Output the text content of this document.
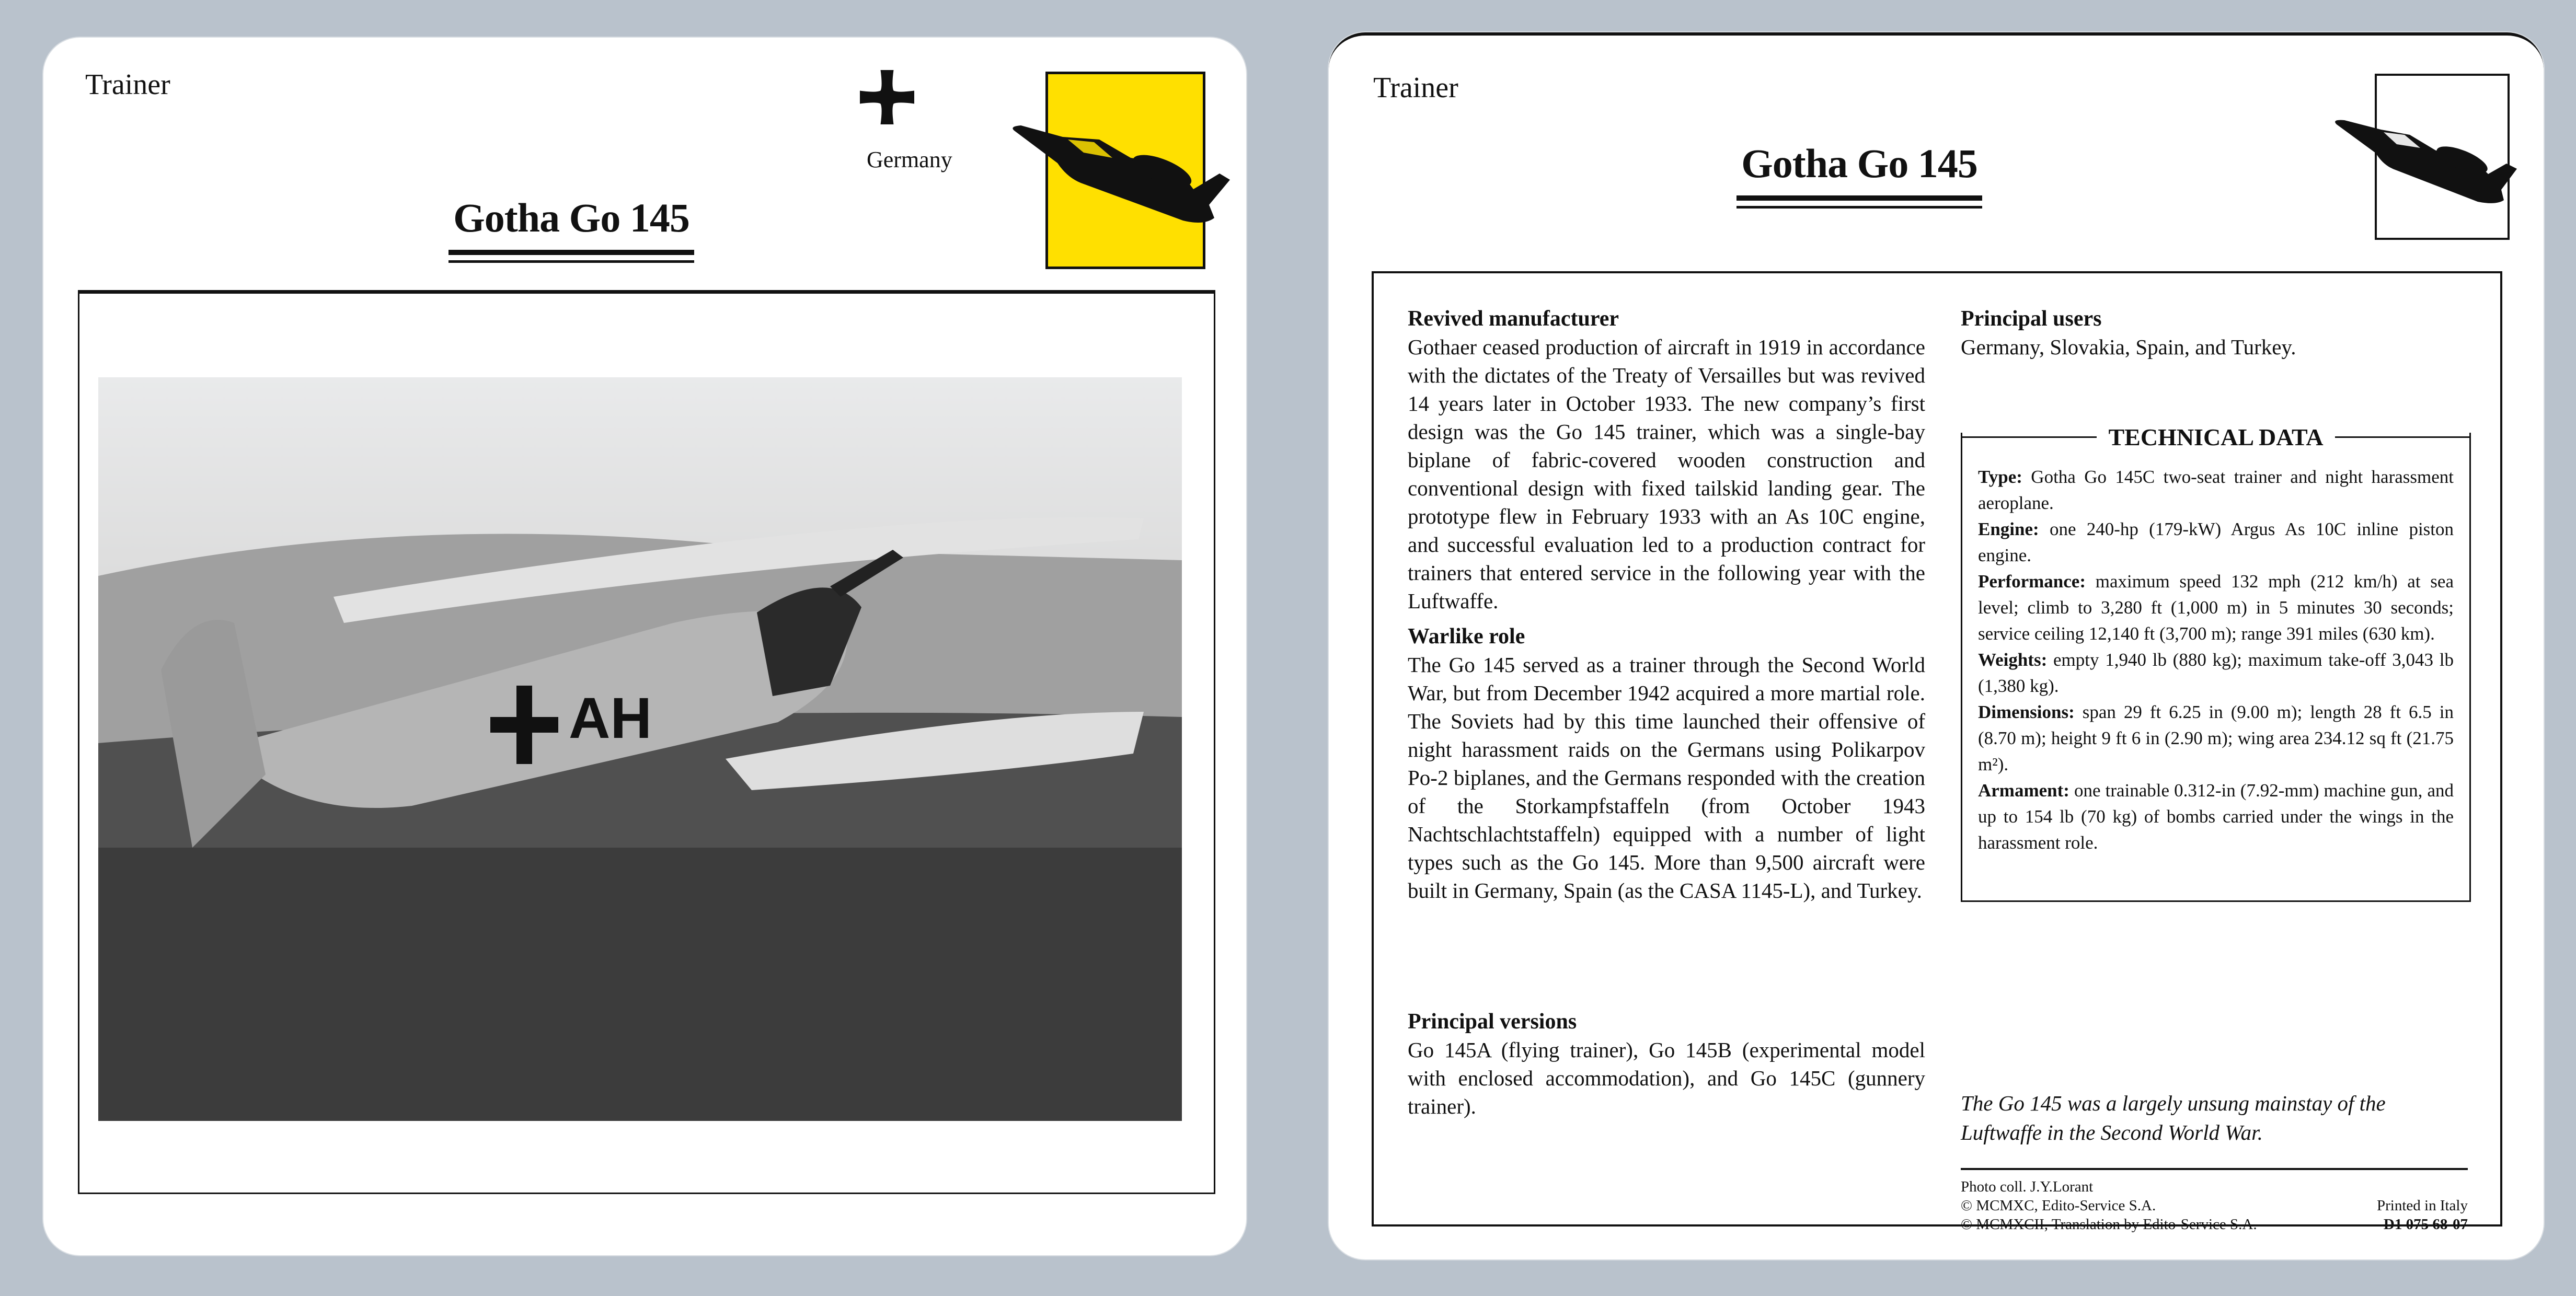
Trainer
Germany
Gotha Go 145
AH
Trainer
Gotha Go 145
Revived manufacturer
Gothaer ceased production of aircraft in 1919 in accordance with the dictates of the Treaty of Versailles but was revived 14 years later in October 1933. The new company’s first design was the Go 145 trainer, which was a single-bay biplane of fabric-covered wooden construction and conventional design with fixed tailskid landing gear. The prototype flew in February 1933 with an As 10C engine, and successful evaluation led to a production contract for trainers that entered service in the following year with the Luftwaffe.
Warlike role
The Go 145 served as a trainer through the Second World War, but from December 1942 acquired a more martial role. The Soviets had by this time launched their offensive of night harassment raids on the Germans using Polikarpov Po-2 biplanes, and the Germans responded with the creation of the Storkampfstaffeln (from October 1943 Nachtschlachtstaffeln) equipped with a number of light types such as the Go 145. More than 9,500 aircraft were built in Germany, Spain (as the CASA 1145-L), and Turkey.
Principal versions
Go 145A (flying trainer), Go 145B (experimental model with enclosed accommodation), and Go 145C (gunnery trainer).
Principal users
Germany, Slovakia, Spain, and Turkey.
TECHNICAL DATA
Type: Gotha Go 145C two-seat trainer and night harassment aeroplane.
Engine: one 240-hp (179-kW) Argus As 10C inline piston engine.
Performance: maximum speed 132 mph (212 km/h) at sea level; climb to 3,280 ft (1,000 m) in 5 minutes 30 seconds; service ceiling 12,140 ft (3,700 m); range 391 miles (630 km).
Weights: empty 1,940 lb (880 kg); maximum take-off 3,043 lb (1,380 kg).
Dimensions: span 29 ft 6.25 in (9.00 m); length 28 ft 6.5 in (8.70 m); height 9 ft 6 in (2.90 m); wing area 234.12 sq ft (21.75 m²).
Armament: one trainable 0.312-in (7.92-mm) machine gun, and up to 154 lb (70 kg) of bombs carried under the wings in the harassment role.
The Go 145 was a largely unsung mainstay of the Luftwaffe in the Second World War.
Photo coll. J.Y.Lorant
© MCMXC, Edito-Service S.A.
© MCMXCII, Translation by Edito-Service S.A.
Printed in Italy
D1 075 68-07
